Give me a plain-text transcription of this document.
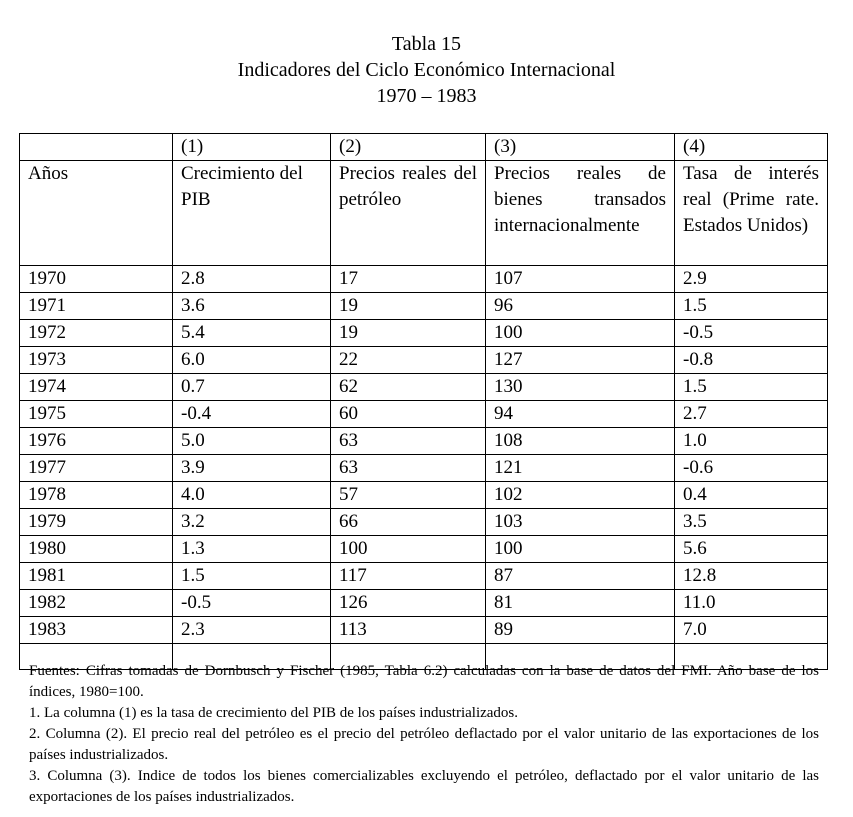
Tabla 15
Indicadores del Ciclo Económico Internacional
1970 – 1983
	(1)	(2)	(3)	(4)
Años	Crecimiento del PIB	Precios reales del petróleo	Precios reales de bienes transados internacionalmente	Tasa de interés real (Prime rate. Estados Unidos)
1970	2.8	17	107	2.9
1971	3.6	19	96	1.5
1972	5.4	19	100	-0.5
1973	6.0	22	127	-0.8
1974	0.7	62	130	1.5
1975	-0.4	60	94	2.7
1976	5.0	63	108	1.0
1977	3.9	63	121	-0.6
1978	4.0	57	102	0.4
1979	3.2	66	103	3.5
1980	1.3	100	100	5.6
1981	1.5	117	87	12.8
1982	-0.5	126	81	11.0
1983	2.3	113	89	7.0

Fuentes: Cifras tomadas de Dornbusch y Fischer (1985, Tabla 6.2) calculadas con la base de datos del FMI. Año base de los índices, 1980=100.

1. La columna (1) es la tasa de crecimiento del PIB de los países industrializados.

2. Columna (2). El precio real del petróleo es el precio del petróleo deflactado por el valor unitario de las exportaciones de los países industrializados.

3. Columna (3). Indice de todos los bienes comercializables excluyendo el petróleo, deflactado por el valor unitario de las exportaciones de los países industrializados.
